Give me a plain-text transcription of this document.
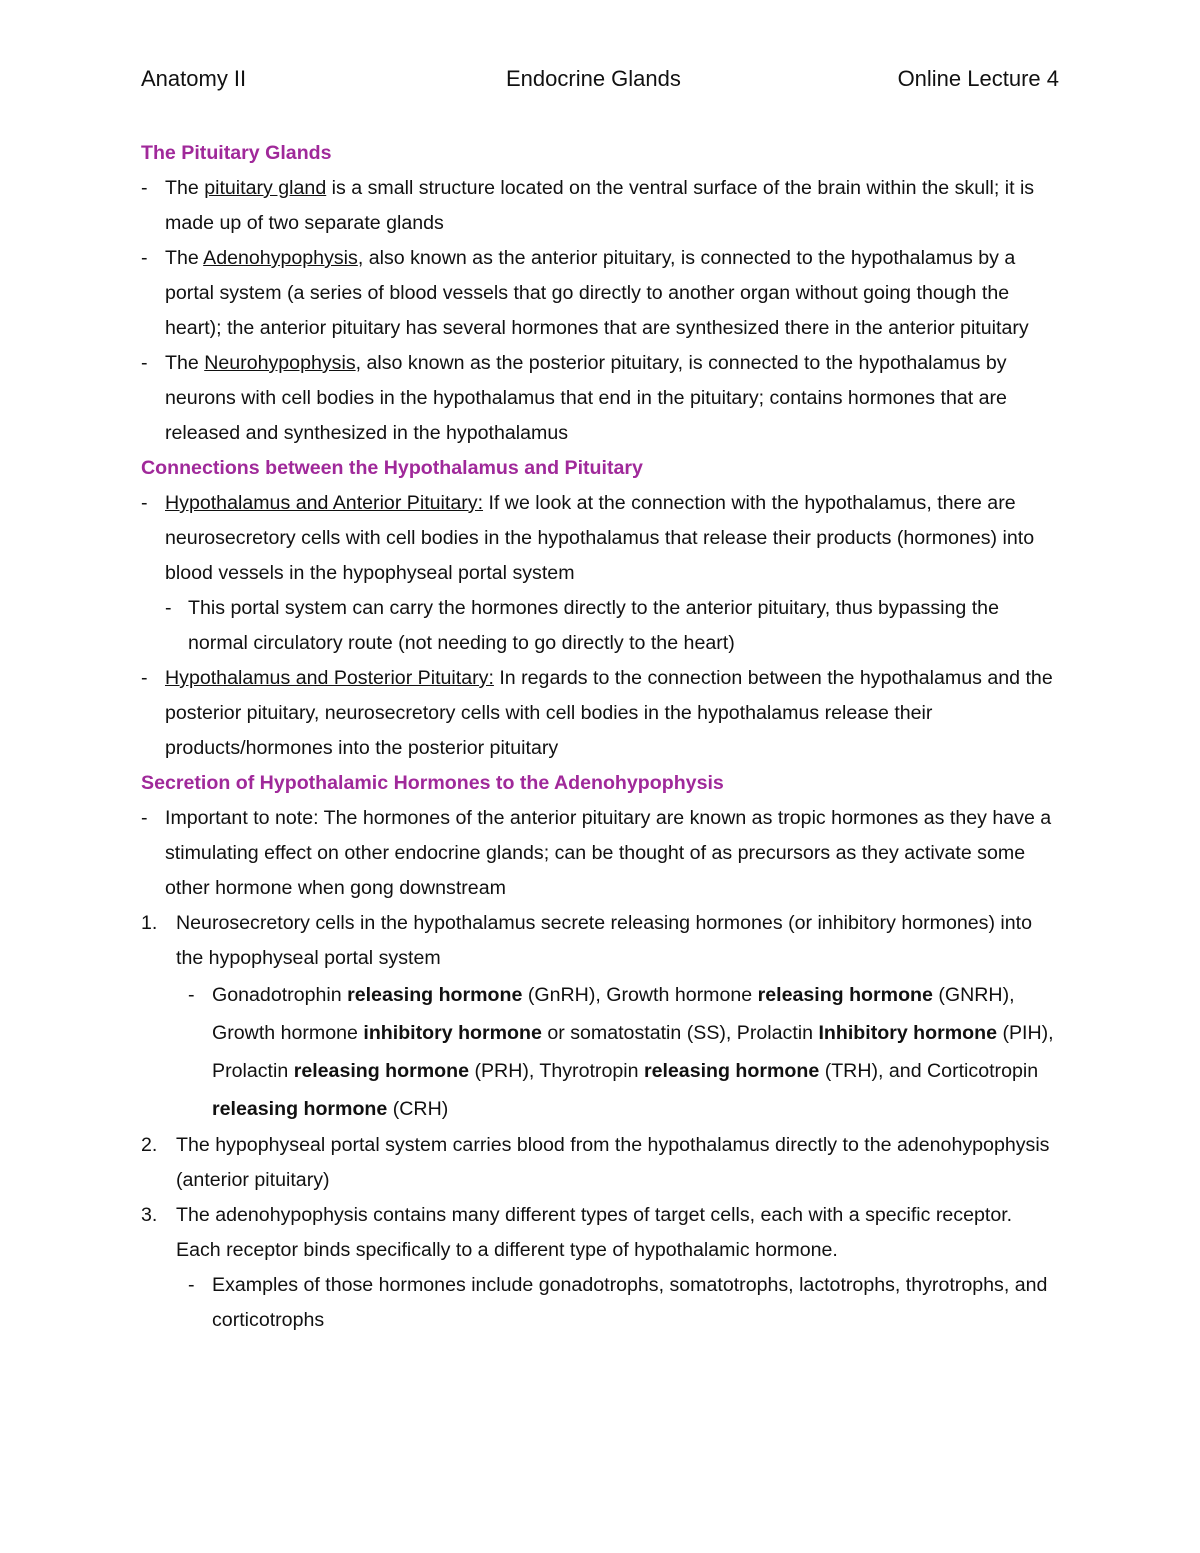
Anatomy II	Endocrine Glands	Online Lecture 4

The Pituitary Glands

- The pituitary gland is a small structure located on the ventral surface of the brain within the skull; it is made up of two separate glands

- The Adenohypophysis, also known as the anterior pituitary, is connected to the hypothalamus by a portal system (a series of blood vessels that go directly to another organ without going though the heart); the anterior pituitary has several hormones that are synthesized there in the anterior pituitary

- The Neurohypophysis, also known as the posterior pituitary, is connected to the hypothalamus by neurons with cell bodies in the hypothalamus that end in the pituitary; contains hormones that are released and synthesized in the hypothalamus

Connections between the Hypothalamus and Pituitary

- Hypothalamus and Anterior Pituitary: If we look at the connection with the hypothalamus, there are neurosecretory cells with cell bodies in the hypothalamus that release their products (hormones) into blood vessels in the hypophyseal portal system

- This portal system can carry the hormones directly to the anterior pituitary, thus bypassing the normal circulatory route (not needing to go directly to the heart)

- Hypothalamus and Posterior Pituitary: In regards to the connection between the hypothalamus and the posterior pituitary, neurosecretory cells with cell bodies in the hypothalamus release their products/hormones into the posterior pituitary

Secretion of Hypothalamic Hormones to the Adenohypophysis

- Important to note: The hormones of the anterior pituitary are known as tropic hormones as they have a stimulating effect on other endocrine glands; can be thought of as precursors as they activate some other hormone when gong downstream

1. Neurosecretory cells in the hypothalamus secrete releasing hormones (or inhibitory hormones) into the hypophyseal portal system

- Gonadotrophin releasing hormone (GnRH), Growth hormone releasing hormone (GNRH), Growth hormone inhibitory hormone or somatostatin (SS), Prolactin Inhibitory hormone (PIH), Prolactin releasing hormone (PRH), Thyrotropin releasing hormone (TRH), and Corticotropin releasing hormone (CRH)

2. The hypophyseal portal system carries blood from the hypothalamus directly to the adenohypophysis (anterior pituitary)

3. The adenohypophysis contains many different types of target cells, each with a specific receptor. Each receptor binds specifically to a different type of hypothalamic hormone.

- Examples of those hormones include gonadotrophs, somatotrophs, lactotrophs, thyrotrophs, and corticotrophs
